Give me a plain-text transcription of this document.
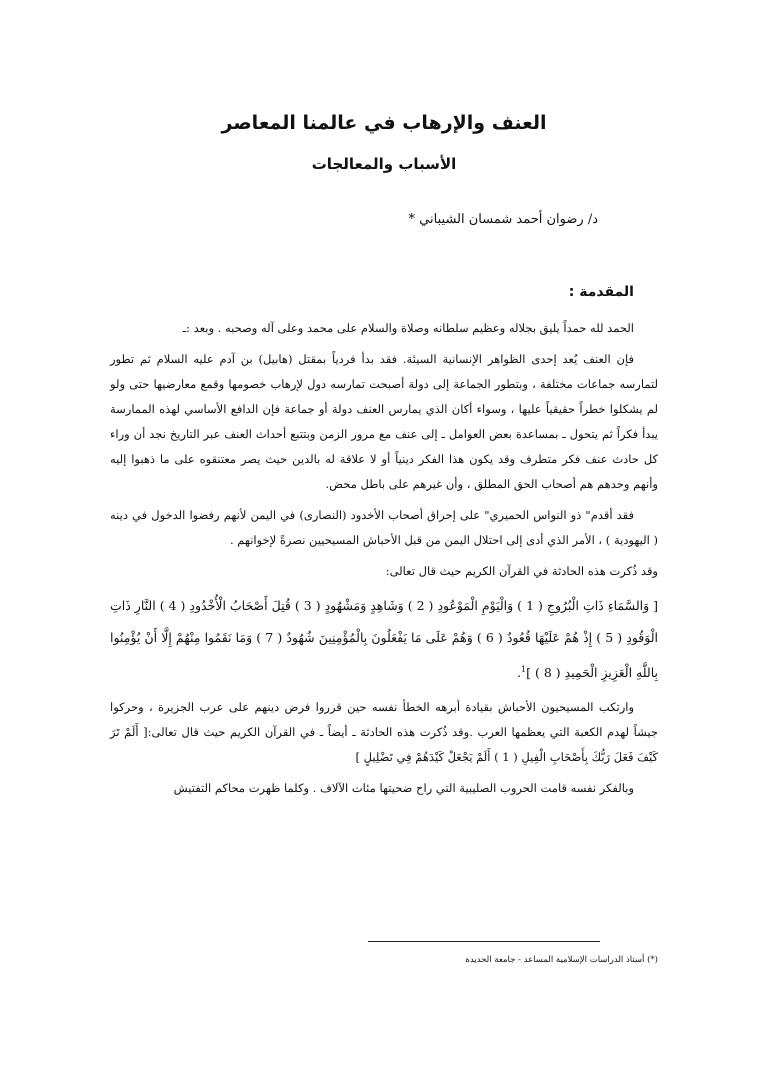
العنف والإرهاب في عالمنا المعاصر
الأسباب والمعالجات
د/ رضوان أحمد شمسان الشيباني *
المقدمة :

الحمد لله حمداً يليق بجلاله وعظيم سلطانه وصلاة والسلام على محمد وعلى آله وصحبه . وبعد :ـ

فإن العنف يُعد إحدى الظواهر الإنسانية السيئة. فقد بدأ فردياً بمقتل (هابيل) بن آدم عليه السلام ثم تطور لتمارسه جماعات مختلفة ، وبتطور الجماعة إلى دولة أصبحت تمارسه دول لإرهاب خصومها وقمع معارضيها حتى ولو لم يشكلوا خطراً حقيقياً عليها ، وسواء أكان الذي يمارس العنف دولة أو جماعة فإن الدافع الأساسي لهذه الممارسة يبدأ فكراً ثم يتحول ـ بمساعدة بعض العوامل ـ إلى عنف مع مرور الزمن وبتتبع أحداث العنف عبر التاريخ نجد أن وراء كل حادث عنف فكر متطرف وقد يكون هذا الفكر دينياً أو لا علاقة له بالدين حيث يصر معتنقوه على ما ذهبوا إليه وأنهم وحدهم هم أصحاب الحق المطلق ، وأن غيرهم على باطل محض.

فقد أقدم" ذو النواس الحميري" على إحراق أصحاب الأخدود (النصارى) في اليمن لأنهم رفضوا الدخول في دينه ( اليهودية ) ، الأمر الذي أدى إلى احتلال اليمن من قبل الأحباش المسيحيين نصرةً لإخوانهم .

وقد ذُكرت هذه الحادثة في القرآن الكريم حيث قال تعالى:

[ وَالسَّمَاءِ ذَاتِ الْبُرُوجِ ( 1 ) وَالْيَوْمِ الْمَوْعُودِ ( 2 ) وَشَاهِدٍ وَمَشْهُودٍ ( 3 ) قُتِلَ أَصْحَابُ الْأُخْدُودِ ( 4 ) النَّارِ ذَاتِ الْوَقُودِ ( 5 ) إِذْ هُمْ عَلَيْهَا قُعُودٌ ( 6 ) وَهُمْ عَلَى مَا يَفْعَلُونَ بِالْمُؤْمِنِينَ شُهُودٌ ( 7 ) وَمَا نَقَمُوا مِنْهُمْ إِلَّا أَنْ يُؤْمِنُوا بِاللَّهِ الْعَزِيزِ الْحَمِيدِ ( 8 ) ]$^1$.

وارتكب المسيحيون الأحباش بقيادة أبرهه الخطأ نفسه حين قرروا فرض دينهم على عرب الجزيرة ، وحركوا جيشاً لهدم الكعبة التي يعظمها العرب .وقد ذُكرت هذه الحادثة ـ أيضاً ـ في القرآن الكريم حيث قال تعالى:[ أَلَمْ تَرَ كَيْفَ فَعَلَ رَبُّكَ بِأَصْحَابِ الْفِيلِ ( 1 ) أَلَمْ يَجْعَلْ كَيْدَهُمْ فِي تَضْلِيلٍ ]

وبالفكر نفسه قامت الحروب الصليبية التي راح ضحيتها مئات الآلاف . وكلما ظهرت محاكم التفتيش

(*) أستاذ الدراسات الإسلامية المساعد - جامعة الحديدة
